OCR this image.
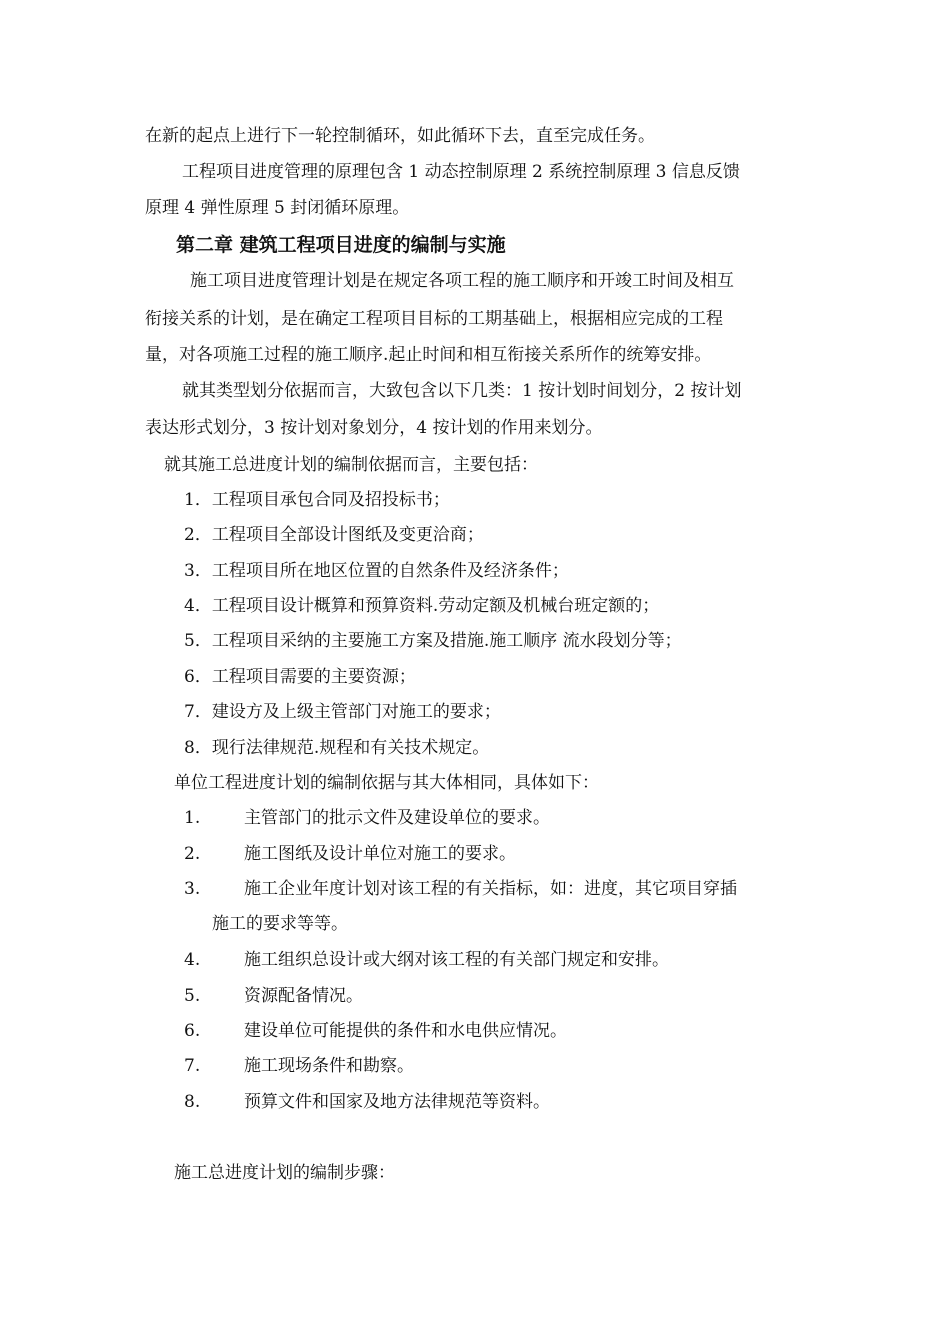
在新的起点上进行下一轮控制循环，如此循环下去，直至完成任务。
工程项目进度管理的原理包含 1 动态控制原理 2 系统控制原理 3 信息反馈
原理 4 弹性原理 5 封闭循环原理。
第二章 建筑工程项目进度的编制与实施
施工项目进度管理计划是在规定各项工程的施工顺序和开竣工时间及相互
衔接关系的计划，是在确定工程项目目标的工期基础上，根据相应完成的工程
量，对各项施工过程的施工顺序.起止时间和相互衔接关系所作的统筹安排。
就其类型划分依据而言，大致包含以下几类：1 按计划时间划分，2 按计划
表达形式划分，3 按计划对象划分，4 按计划的作用来划分。
就其施工总进度计划的编制依据而言，主要包括：
1．工程项目承包合同及招投标书；
2．工程项目全部设计图纸及变更洽商；
3．工程项目所在地区位置的自然条件及经济条件；
4．工程项目设计概算和预算资料.劳动定额及机械台班定额的；
5．工程项目采纳的主要施工方案及措施.施工顺序 流水段划分等；
6．工程项目需要的主要资源；
7．建设方及上级主管部门对施工的要求；
8．现行法律规范.规程和有关技术规定。
单位工程进度计划的编制依据与其大体相同，具体如下：
1.	主管部门的批示文件及建设单位的要求。
2.	施工图纸及设计单位对施工的要求。
3.	施工企业年度计划对该工程的有关指标，如：进度，其它项目穿插
施工的要求等等。
4.	施工组织总设计或大纲对该工程的有关部门规定和安排。
5.	资源配备情况。
6.	建设单位可能提供的条件和水电供应情况。
7.	施工现场条件和勘察。
8.	预算文件和国家及地方法律规范等资料。
施工总进度计划的编制步骤：
